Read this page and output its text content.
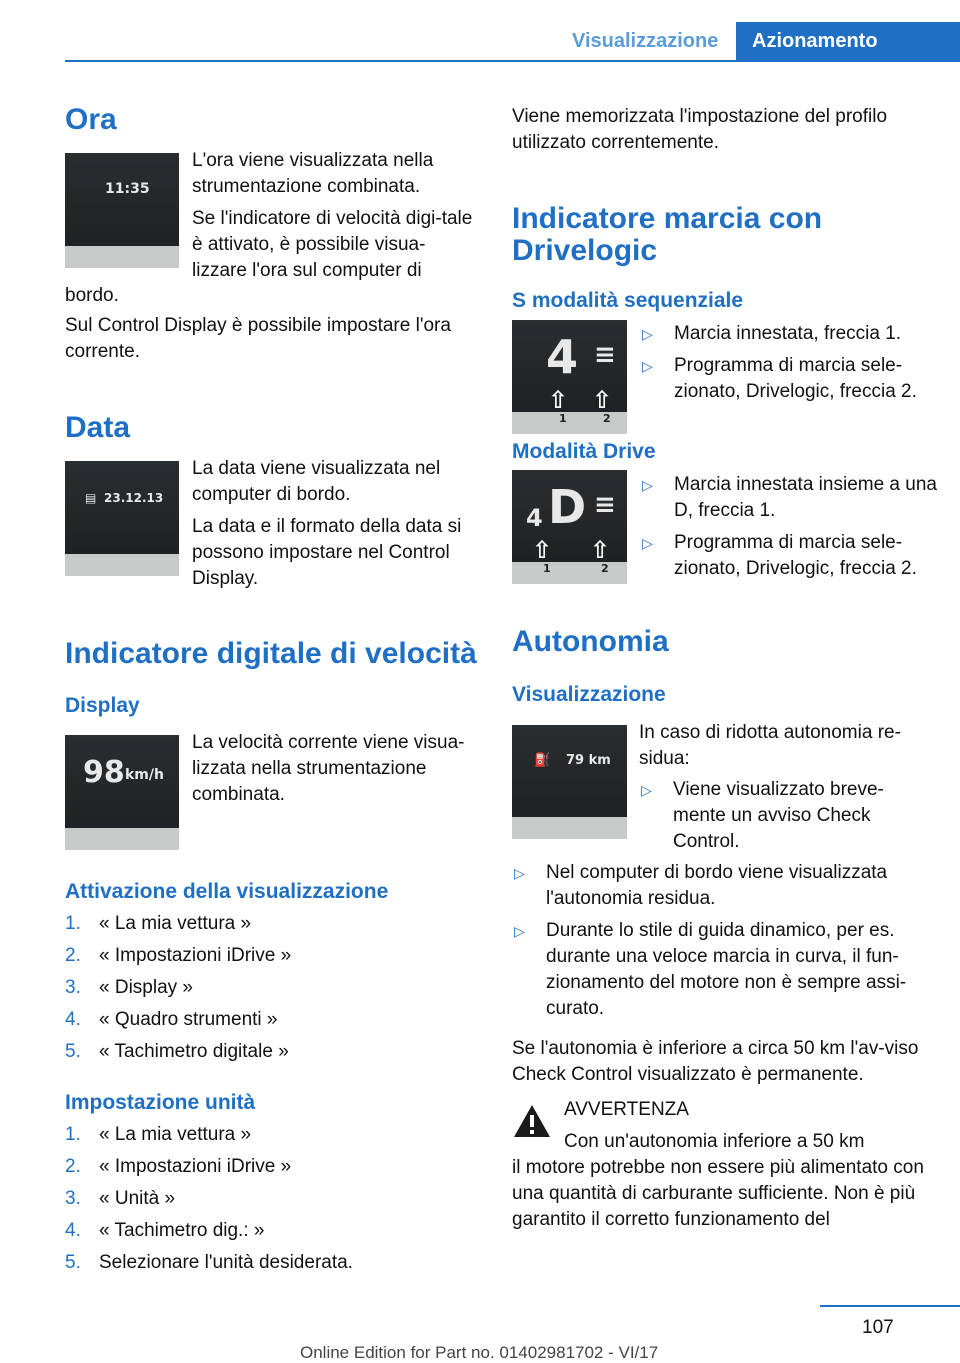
Visualizzazione	Azionamento
Ora
11:35
L'ora viene visualizzata nella strumentazione combinata.
Se l'indicatore di velocità digi-tale è attivato, è possibile visua-lizzare l'ora sul computer di
bordo.
Sul Control Display è possibile impostare l'ora corrente.
Data
▤ 23.12.13
La data viene visualizzata nel computer di bordo.
La data e il formato della data si possono impostare nel Control Display.
Indicatore digitale di velocità
Display
98 km/h
La velocità corrente viene visua-lizzata nella strumentazione combinata.
Attivazione della visualizzazione
1. « La mia vettura »
2. « Impostazioni iDrive »
3. « Display »
4. « Quadro strumenti »
5. « Tachimetro digitale »
Impostazione unità
1. « La mia vettura »
2. « Impostazioni iDrive »
3. « Unità »
4. « Tachimetro dig.: »
5. Selezionare l'unità desiderata.
Viene memorizzata l'impostazione del profilo utilizzato correntemente.
Indicatore marcia con Drivelogic
S modalità sequenziale
4 ≡
⇧ ⇧
1	2
▷ Marcia innestata, freccia 1.
▷ Programma di marcia sele-zionato, Drivelogic, freccia 2.
Modalità Drive
4 D ≡
⇧ ⇧
1	2
▷ Marcia innestata insieme a una D, freccia 1.
▷ Programma di marcia sele-zionato, Drivelogic, freccia 2.
Autonomia
Visualizzazione
⛽ 79 km
In caso di ridotta autonomia re-sidua:
▷ Viene visualizzato breve-mente un avviso Check Control.
▷ Nel computer di bordo viene visualizzata l'autonomia residua.
▷ Durante lo stile di guida dinamico, per es. durante una veloce marcia in curva, il fun-zionamento del motore non è sempre assi-curato.
Se l'autonomia è inferiore a circa 50 km l'av-viso Check Control visualizzato è permanente.
AVVERTENZA
Con un'autonomia inferiore a 50 km
il motore potrebbe non essere più alimentato con una quantità di carburante sufficiente. Non è più garantito il corretto funzionamento del
107
Online Edition for Part no. 01402981702 - VI/17
